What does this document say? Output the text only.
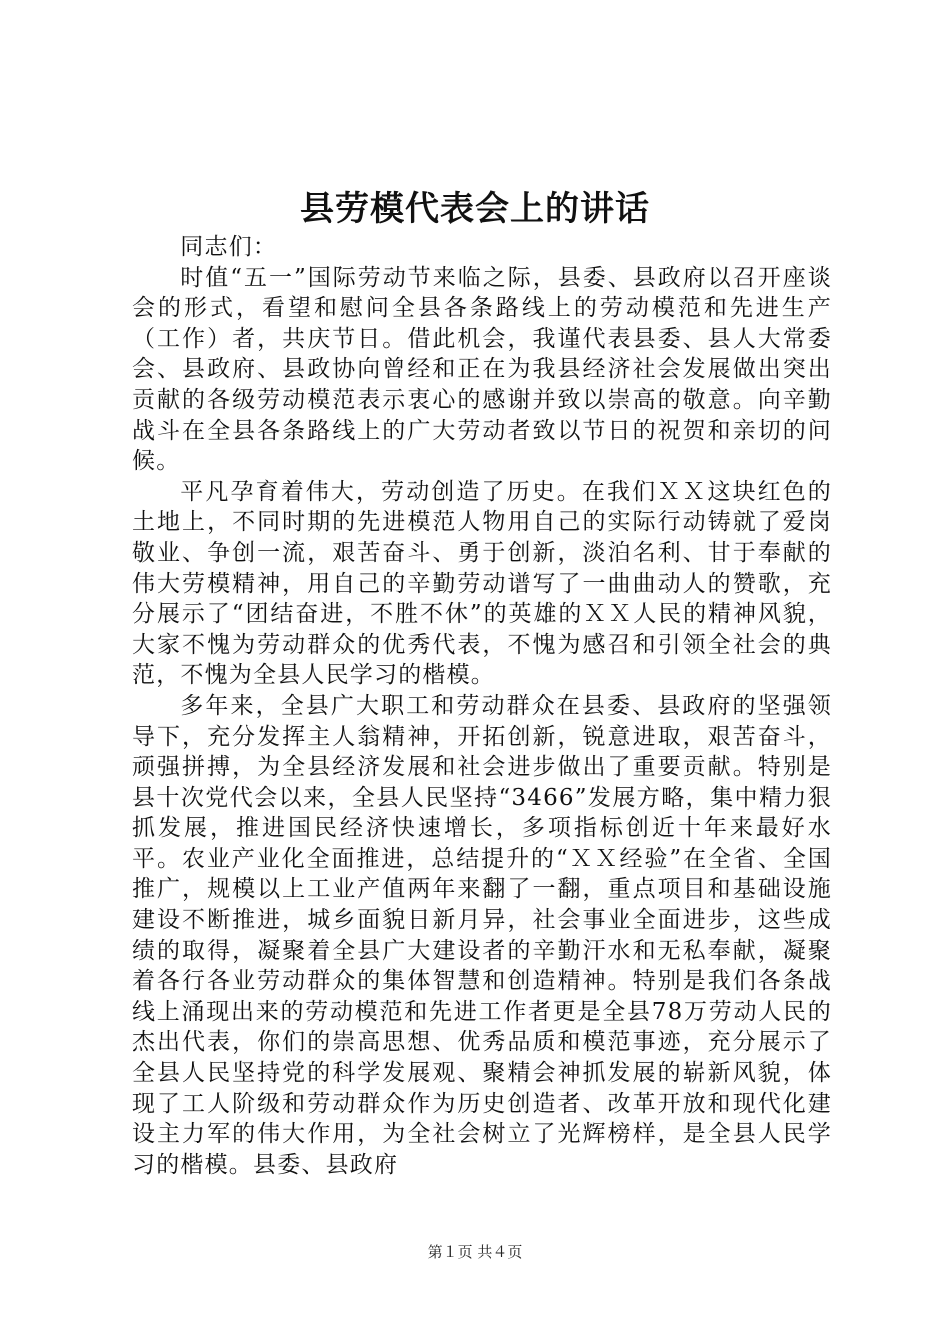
县劳模代表会上的讲话

同志们：

时值“五一”国际劳动节来临之际，县委、县政府以召开座谈会的形式，看望和慰问全县各条路线上的劳动模范和先进生产（工作）者，共庆节日。借此机会，我谨代表县委、县人大常委会、县政府、县政协向曾经和正在为我县经济社会发展做出突出贡献的各级劳动模范表示衷心的感谢并致以崇高的敬意。向辛勤战斗在全县各条路线上的广大劳动者致以节日的祝贺和亲切的问候。

平凡孕育着伟大，劳动创造了历史。在我们ＸＸ这块红色的土地上，不同时期的先进模范人物用自己的实际行动铸就了爱岗敬业、争创一流，艰苦奋斗、勇于创新，淡泊名利、甘于奉献的伟大劳模精神，用自己的辛勤劳动谱写了一曲曲动人的赞歌，充分展示了“团结奋进，不胜不休”的英雄的ＸＸ人民的精神风貌，大家不愧为劳动群众的优秀代表，不愧为感召和引领全社会的典范，不愧为全县人民学习的楷模。

多年来，全县广大职工和劳动群众在县委、县政府的坚强领导下，充分发挥主人翁精神，开拓创新，锐意进取，艰苦奋斗，顽强拼搏，为全县经济发展和社会进步做出了重要贡献。特别是县十次党代会以来，全县人民坚持“3466”发展方略，集中精力狠抓发展，推进国民经济快速增长，多项指标创近十年来最好水平。农业产业化全面推进，总结提升的“ＸＸ经验”在全省、全国推广，规模以上工业产值两年来翻了一翻，重点项目和基础设施建设不断推进，城乡面貌日新月异，社会事业全面进步，这些成绩的取得，凝聚着全县广大建设者的辛勤汗水和无私奉献，凝聚着各行各业劳动群众的集体智慧和创造精神。特别是我们各条战线上涌现出来的劳动模范和先进工作者更是全县78万劳动人民的杰出代表，你们的崇高思想、优秀品质和模范事迹，充分展示了全县人民坚持党的科学发展观、聚精会神抓发展的崭新风貌，体现了工人阶级和劳动群众作为历史创造者、改革开放和现代化建设主力军的伟大作用，为全社会树立了光辉榜样，是全县人民学习的楷模。县委、县政府

第１页 共４页
